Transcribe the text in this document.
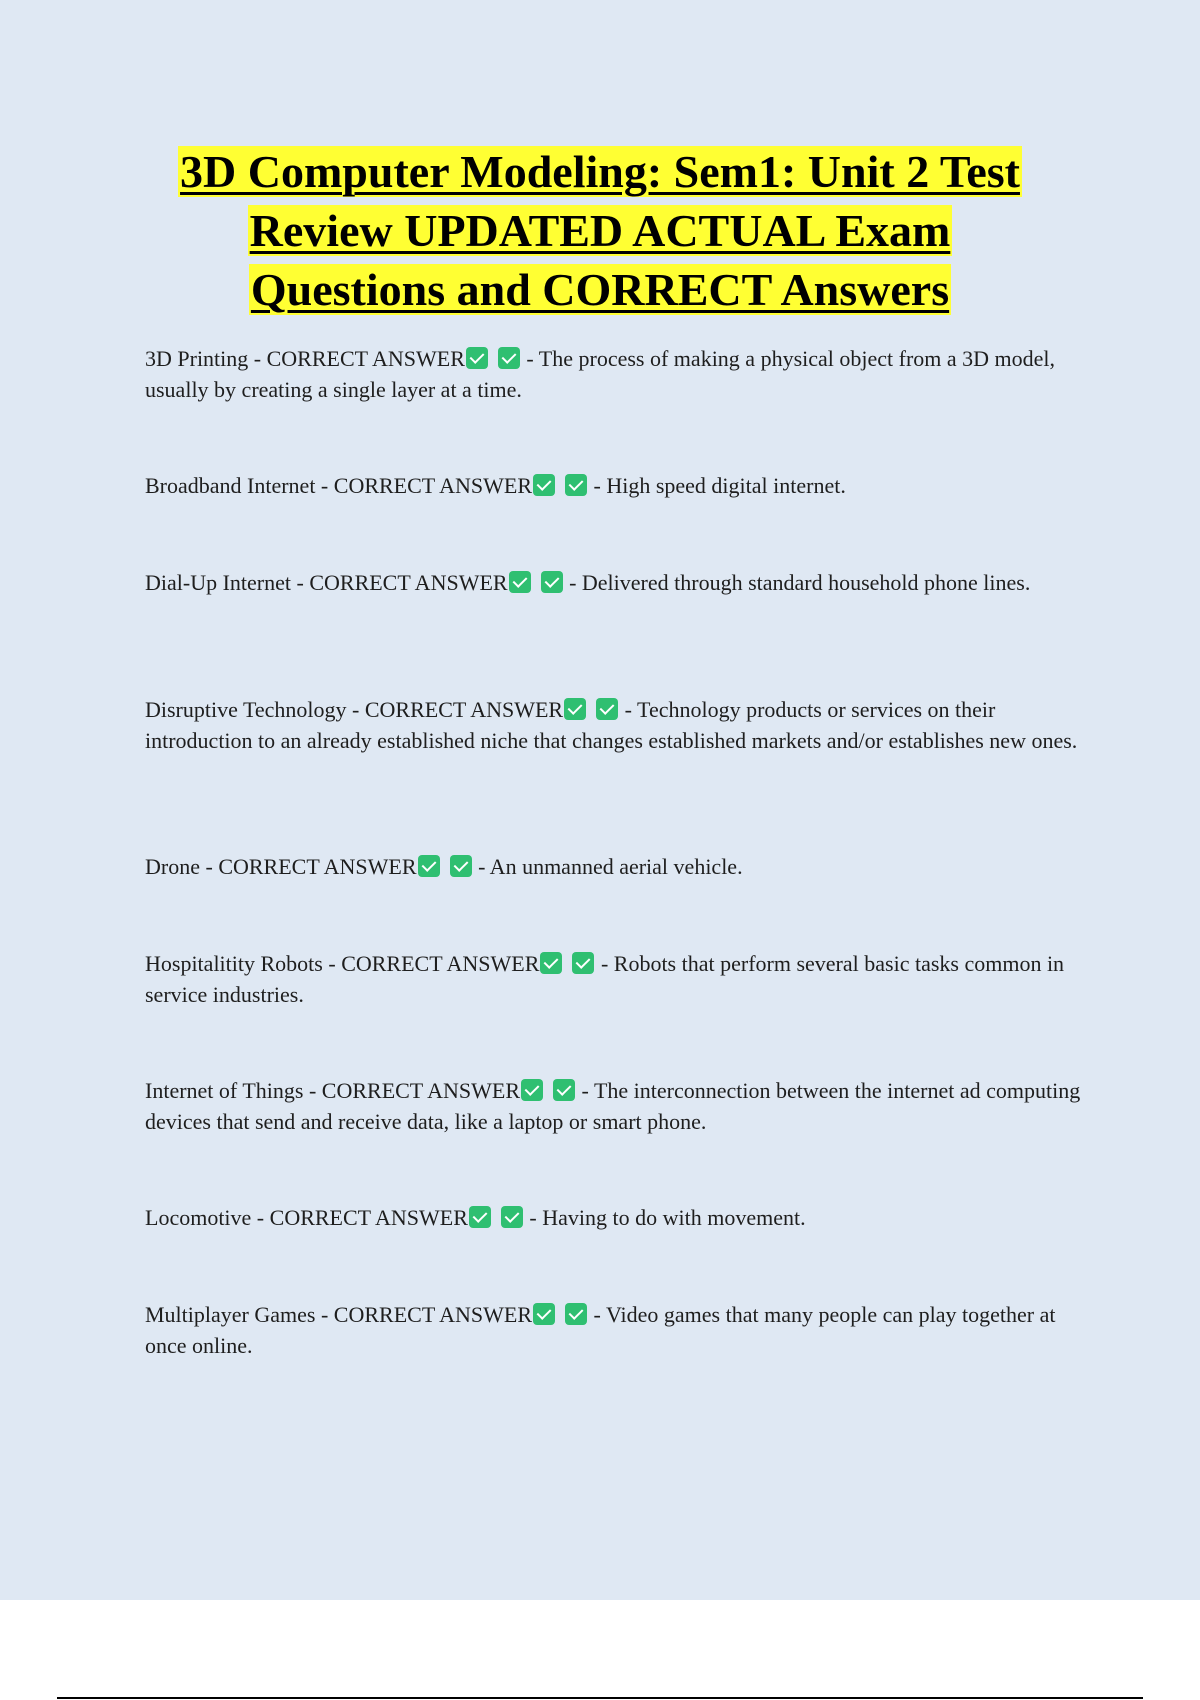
3D Computer Modeling: Sem1: Unit 2 Test
Review UPDATED ACTUAL Exam
Questions and CORRECT Answers
3D Printing - CORRECT ANSWER	- The process of making a physical object from a 3D model, usually by creating a single layer at a time.
Broadband Internet - CORRECT ANSWER	- High speed digital internet.
Dial-Up Internet - CORRECT ANSWER	- Delivered through standard household phone lines.
Disruptive Technology - CORRECT ANSWER	- Technology products or services on their introduction to an already established niche that changes established markets and/or establishes new ones.
Drone - CORRECT ANSWER	- An unmanned aerial vehicle.
Hospitalitity Robots - CORRECT ANSWER	- Robots that perform several basic tasks common in service industries.
Internet of Things - CORRECT ANSWER	- The interconnection between the internet ad computing devices that send and receive data, like a laptop or smart phone.
Locomotive - CORRECT ANSWER	- Having to do with movement.
Multiplayer Games - CORRECT ANSWER	- Video games that many people can play together at once online.
